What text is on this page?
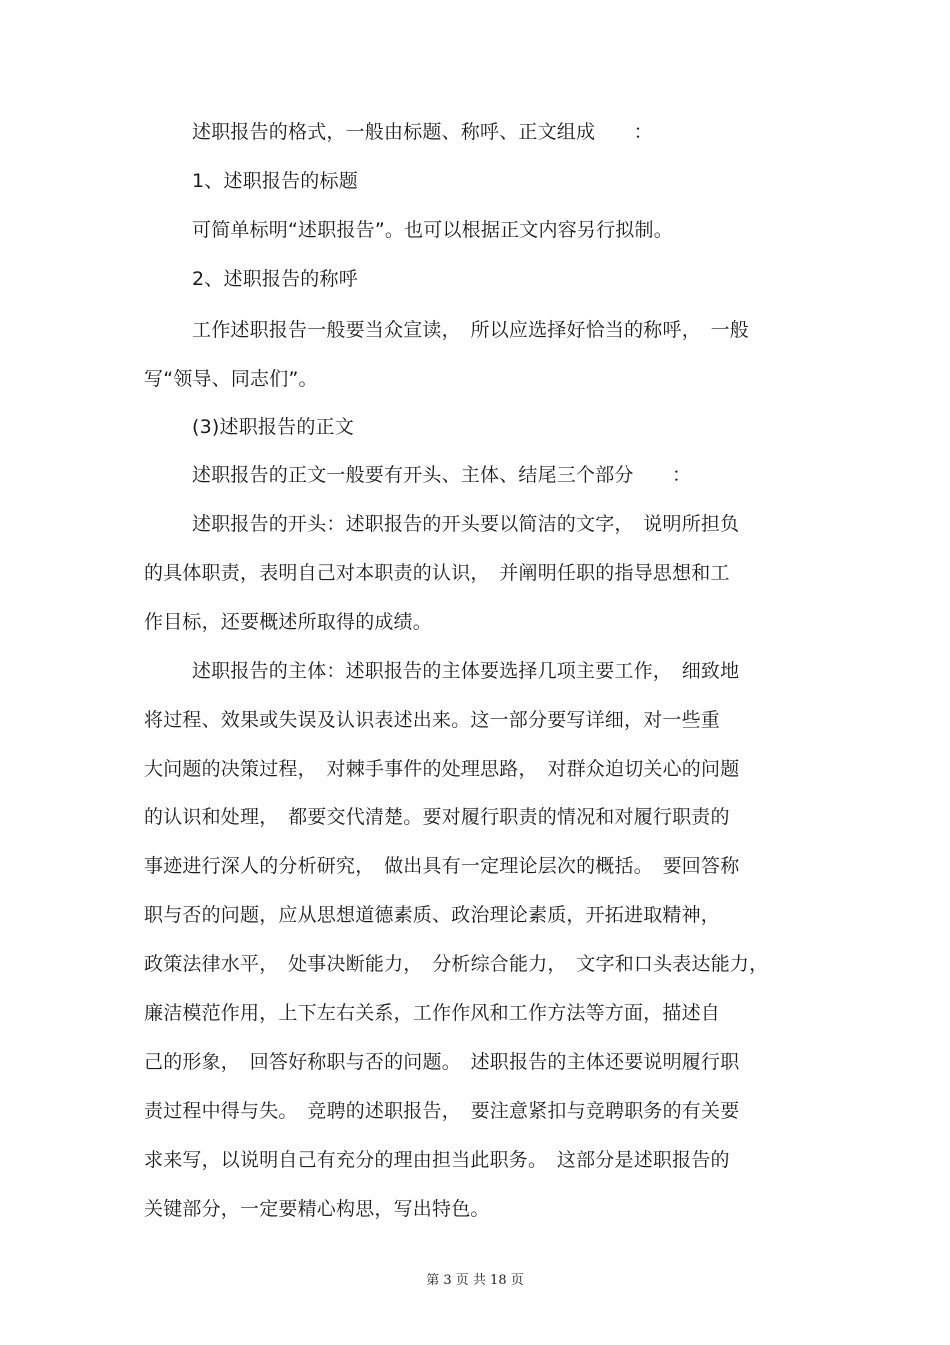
述职报告的格式，一般由标题、称呼、正文组成　　：
1、述职报告的标题
可简单标明“述职报告”。也可以根据正文内容另行拟制。
2、述职报告的称呼
工作述职报告一般要当众宣读，　所以应选择好恰当的称呼，　一般
写“领导、同志们”。
(3)述职报告的正文
述职报告的正文一般要有开头、主体、结尾三个部分　　：
述职报告的开头：述职报告的开头要以简洁的文字，　说明所担负
的具体职责，表明自己对本职责的认识，　并阐明任职的指导思想和工
作目标，还要概述所取得的成绩。
述职报告的主体：述职报告的主体要选择几项主要工作，　细致地
将过程、效果或失误及认识表述出来。这一部分要写详细，对一些重
大问题的决策过程，　对棘手事件的处理思路，　对群众迫切关心的问题
的认识和处理，　都要交代清楚。要对履行职责的情况和对履行职责的
事迹进行深人的分析研究，　做出具有一定理论层次的概括。　要回答称
职与否的问题，应从思想道德素质、政治理论素质，开拓进取精神，
政策法律水平，　处事决断能力，　分析综合能力，　文字和口头表达能力，
廉洁模范作用，上下左右关系，工作作风和工作方法等方面，描述自
己的形象，　回答好称职与否的问题。　述职报告的主体还要说明履行职
责过程中得与失。　竞聘的述职报告，　要注意紧扣与竞聘职务的有关要
求来写，以说明自己有充分的理由担当此职务。　这部分是述职报告的
关键部分，一定要精心构思，写出特色。
第 3 页 共 18 页
